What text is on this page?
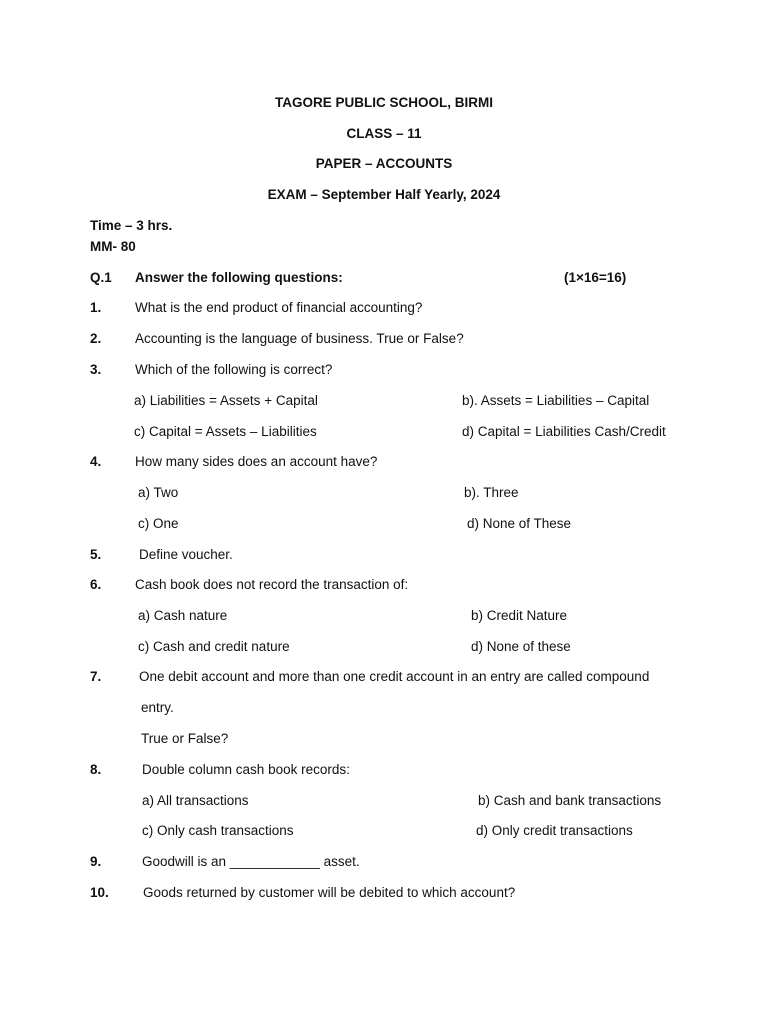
TAGORE PUBLIC SCHOOL, BIRMI
CLASS – 11
PAPER – ACCOUNTS
EXAM – September Half Yearly, 2024
Time – 3 hrs.
MM- 80
Q.1 Answer the following questions:	(1×16=16)
1. What is the end product of financial accounting?
2. Accounting is the language of business. True or False?
3. Which of the following is correct?
a) Liabilities = Assets + Capital	b). Assets = Liabilities – Capital
c) Capital = Assets – Liabilities	d) Capital = Liabilities Cash/Credit
4. How many sides does an account have?
a) Two	b). Three
c) One	d) None of These
5.	Define voucher.
6. Cash book does not record the transaction of:
a) Cash nature	b) Credit Nature
c) Cash and credit nature	d) None of these
7.	One debit account and more than one credit account in an entry are called compound
entry.
True or False?
8.	Double column cash book records:
a) All transactions	b) Cash and bank transactions
c) Only cash transactions	d) Only credit transactions
9.	Goodwill is an ____________ asset.
10.	Goods returned by customer will be debited to which account?
